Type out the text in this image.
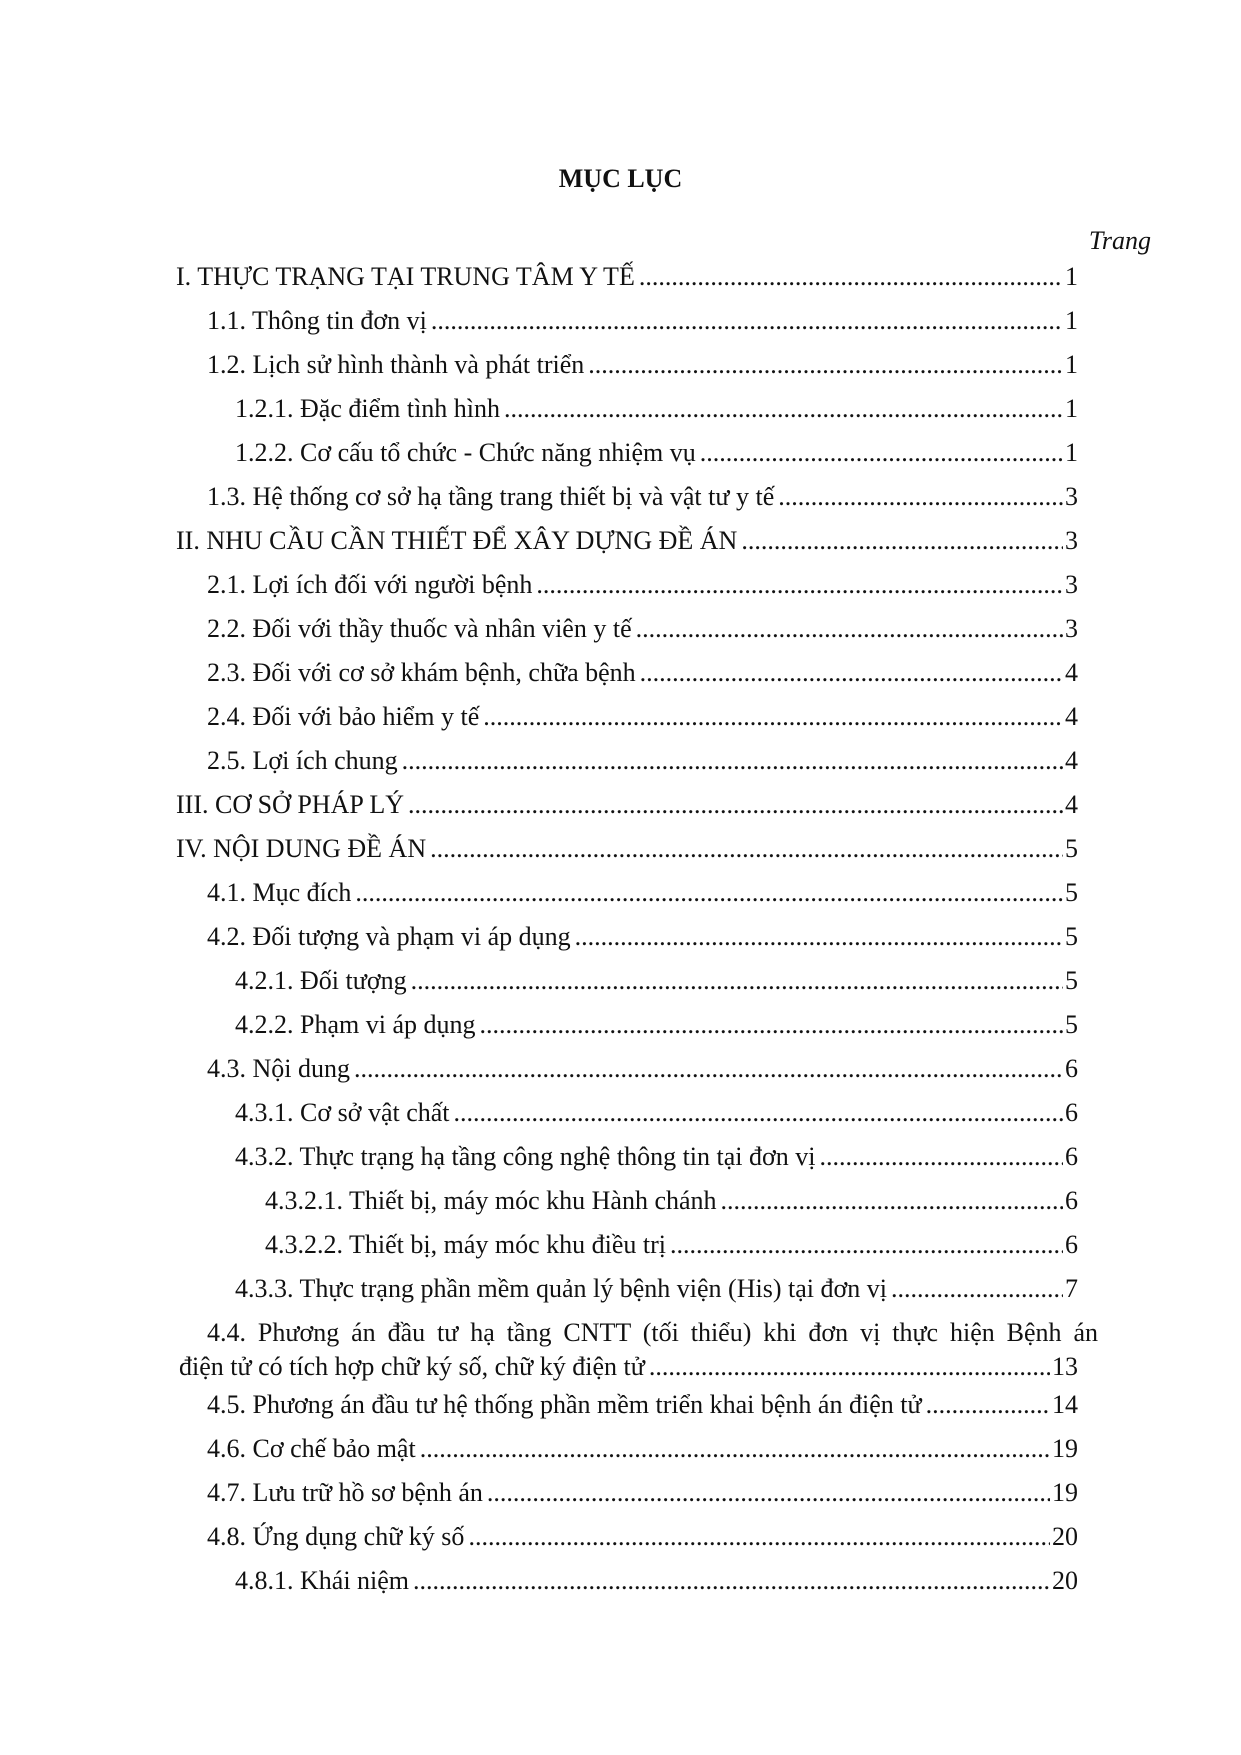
MỤC LỤC
Trang
I. THỰC TRẠNG TẠI TRUNG TÂM Y TẾ .....	1
1.1. Thông tin đơn vị .....	1
1.2. Lịch sử hình thành và phát triển .....	1
1.2.1. Đặc điểm tình hình .....	1
1.2.2. Cơ cấu tổ chức - Chức năng nhiệm vụ .....	1
1.3. Hệ thống cơ sở hạ tầng trang thiết bị và vật tư y tế .....	3
II. NHU CẦU CẦN THIẾT ĐỂ XÂY DỰNG ĐỀ ÁN .....	3
2.1. Lợi ích đối với người bệnh .....	3
2.2. Đối với thầy thuốc và nhân viên y tế .....	3
2.3. Đối với cơ sở khám bệnh, chữa bệnh .....	4
2.4. Đối với bảo hiểm y tế .....	4
2.5. Lợi ích chung .....	4
III. CƠ SỞ PHÁP LÝ .....	4
IV. NỘI DUNG ĐỀ ÁN .....	5
4.1. Mục đích .....	5
4.2. Đối tượng và phạm vi áp dụng .....	5
4.2.1. Đối tượng .....	5
4.2.2. Phạm vi áp dụng .....	5
4.3. Nội dung .....	6
4.3.1. Cơ sở vật chất .....	6
4.3.2. Thực trạng hạ tầng công nghệ thông tin tại đơn vị .....	6
4.3.2.1. Thiết bị, máy móc khu Hành chánh .....	6
4.3.2.2. Thiết bị, máy móc khu điều trị .....	6
4.3.3. Thực trạng phần mềm quản lý bệnh viện (His) tại đơn vị .....	7
4.4. Phương án đầu tư hạ tầng CNTT (tối thiểu) khi đơn vị thực hiện Bệnh án
điện tử có tích hợp chữ ký số, chữ ký điện tử .....	13
4.5. Phương án đầu tư hệ thống phần mềm triển khai bệnh án điện tử .....	14
4.6. Cơ chế bảo mật .....	19
4.7. Lưu trữ hồ sơ bệnh án .....	19
4.8. Ứng dụng chữ ký số .....	20
4.8.1. Khái niệm .....	20
